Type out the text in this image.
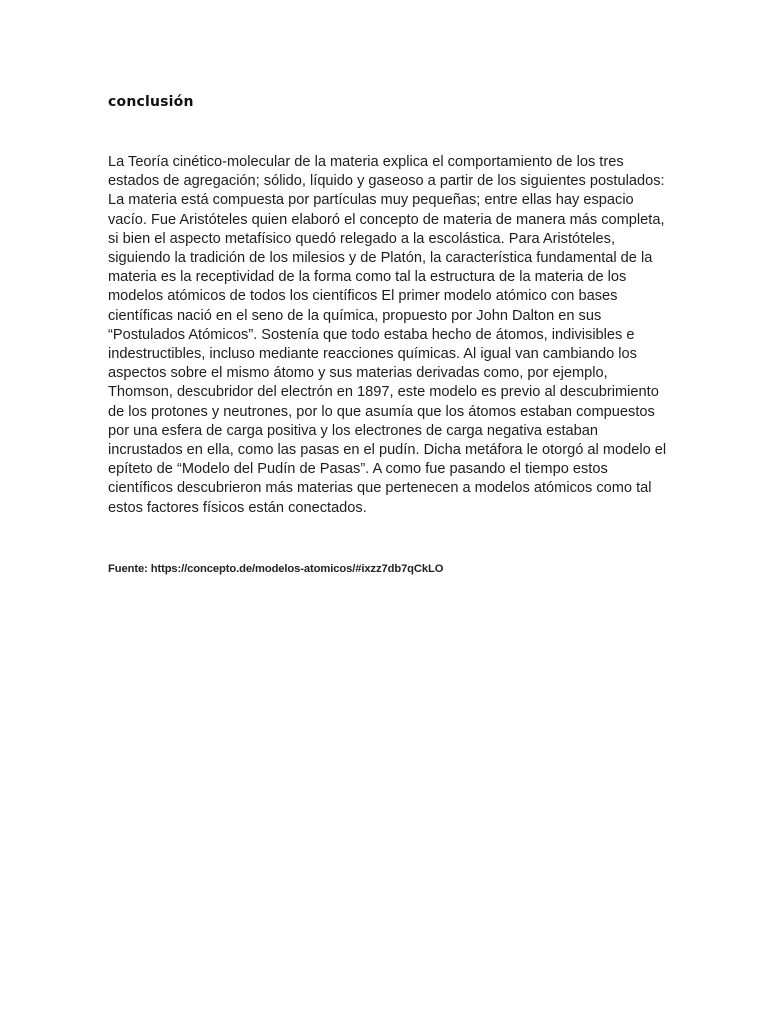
conclusión

La Teoría cinético-molecular de la materia explica el comportamiento de los tres estados de agregación; sólido, líquido y gaseoso a partir de los siguientes postulados: La materia está compuesta por partículas muy pequeñas; entre ellas hay espacio vacío. Fue Aristóteles quien elaboró el concepto de materia de manera más completa, si bien el aspecto metafísico quedó relegado a la escolástica. Para Aristóteles, siguiendo la tradición de los milesios y de Platón, la característica fundamental de la materia es la receptividad de la forma como tal la estructura de la materia de los modelos atómicos de todos los científicos El primer modelo atómico con bases científicas nació en el seno de la química, propuesto por John Dalton en sus “Postulados Atómicos”. Sostenía que todo estaba hecho de átomos, indivisibles e indestructibles, incluso mediante reacciones químicas. Al igual van cambiando los aspectos sobre el mismo átomo y sus materias derivadas como, por ejemplo, Thomson, descubridor del electrón en 1897, este modelo es previo al descubrimiento de los protones y neutrones, por lo que asumía que los átomos estaban compuestos por una esfera de carga positiva y los electrones de carga negativa estaban incrustados en ella, como las pasas en el pudín. Dicha metáfora le otorgó al modelo el epíteto de “Modelo del Pudín de Pasas”. A como fue pasando el tiempo estos científicos descubrieron más materias que pertenecen a modelos atómicos como tal estos factores físicos están conectados.

Fuente: https://concepto.de/modelos-atomicos/#ixzz7db7qCkLO
